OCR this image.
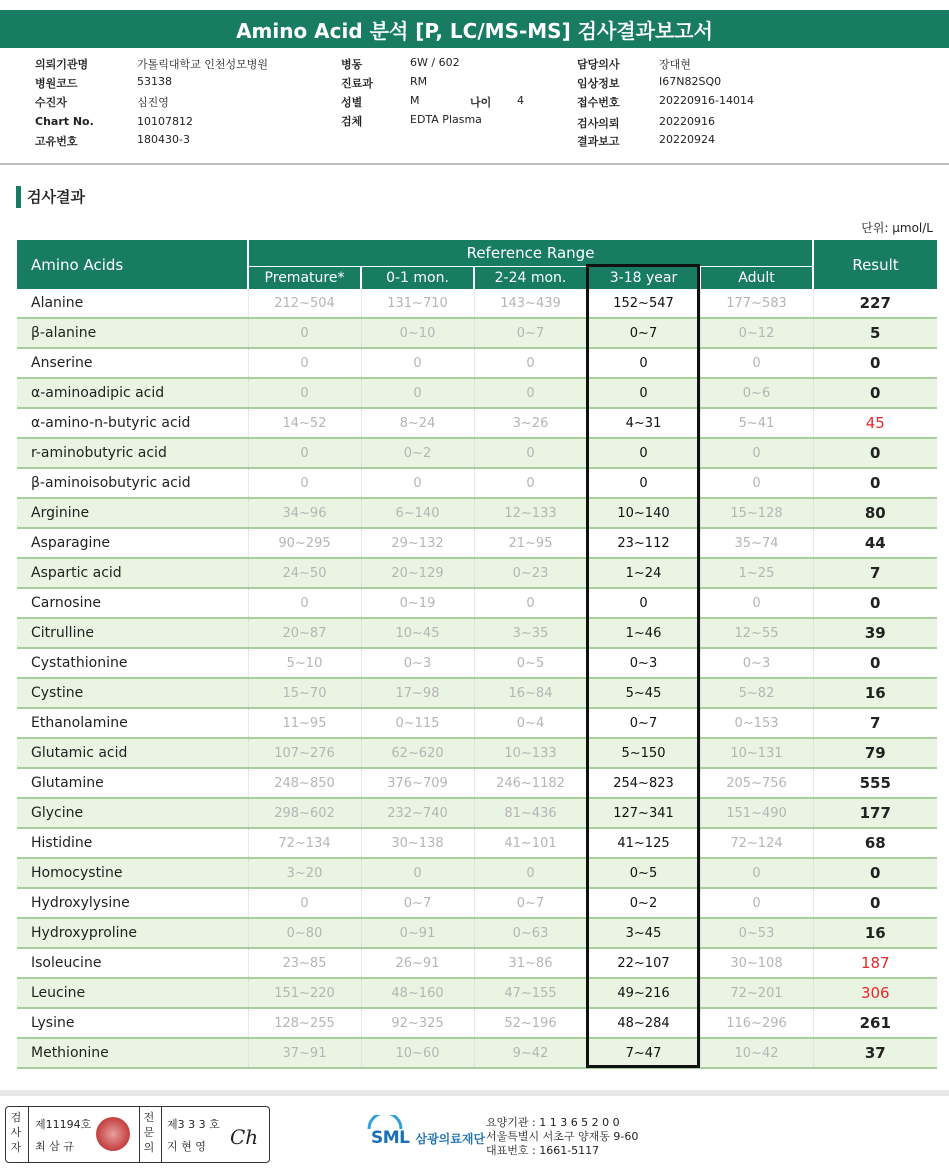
Amino Acid 분석 [P, LC/MS-MS] 검사결과보고서
의뢰기관명	가톨릭대학교 인천성모병원
병원코드	53138
수진자	심진영
Chart No.	10107812
고유번호	180430-3
병동	6W / 602
진료과	RM
성별	M	나이 4
검체	EDTA Plasma
담당의사	장대현
임상정보	I67N82SQ0
접수번호	20220916-14014
검사의뢰	20220916
결과보고	20220924
검사결과
단위: µmol/L
Amino Acids	Reference Range					Result
	Premature*	0-1 mon.	2-24 mon.	3-18 year	Adult	
Alanine	212~504	131~710	143~439	152~547	177~583	227
β-alanine	0	0~10	0~7	0~7	0~12	5
Anserine	0	0	0	0	0	0
α-aminoadipic acid	0	0	0	0	0~6	0
α-amino-n-butyric acid	14~52	8~24	3~26	4~31	5~41	45
r-aminobutyric acid	0	0~2	0	0	0	0
β-aminoisobutyric acid	0	0	0	0	0	0
Arginine	34~96	6~140	12~133	10~140	15~128	80
Asparagine	90~295	29~132	21~95	23~112	35~74	44
Aspartic acid	24~50	20~129	0~23	1~24	1~25	7
Carnosine	0	0~19	0	0	0	0
Citrulline	20~87	10~45	3~35	1~46	12~55	39
Cystathionine	5~10	0~3	0~5	0~3	0~3	0
Cystine	15~70	17~98	16~84	5~45	5~82	16
Ethanolamine	11~95	0~115	0~4	0~7	0~153	7
Glutamic acid	107~276	62~620	10~133	5~150	10~131	79
Glutamine	248~850	376~709	246~1182	254~823	205~756	555
Glycine	298~602	232~740	81~436	127~341	151~490	177
Histidine	72~134	30~138	41~101	41~125	72~124	68
Homocystine	3~20	0	0	0~5	0	0
Hydroxylysine	0	0~7	0~7	0~2	0	0
Hydroxyproline	0~80	0~91	0~63	3~45	0~53	16
Isoleucine	23~85	26~91	31~86	22~107	30~108	187
Leucine	151~220	48~160	47~155	49~216	72~201	306
Lysine	128~255	92~325	52~196	48~284	116~296	261
Methionine	37~91	10~60	9~42	7~47	10~42	37
검사자
제11194호
최 삼 규
전문의
제3 3 3 호
지 현 영 Ch	SML 삼광의료재단
요양기관 : 1 1 3 6 5 2 0 0
서울특별시 서초구 양재동 9-60
대표번호 : 1661-5117
